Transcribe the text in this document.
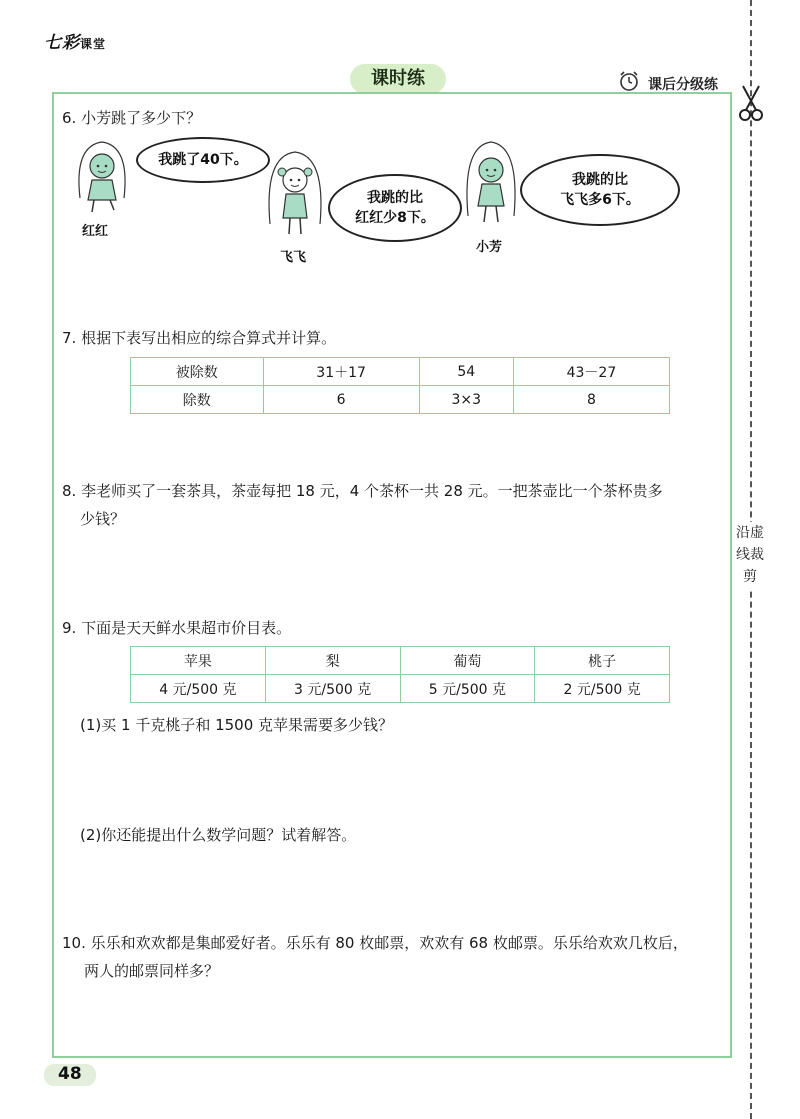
七彩课堂
课时练	课后分级练
沿虚线裁剪
6. 小芳跳了多少下？
我跳了40下。
红红
我跳的比
红红少8下。
飞飞
我跳的比
飞飞多6下。
小芳
7. 根据下表写出相应的综合算式并计算。
被除数	31＋17	54	43－27
除数	6	3×3	8
8. 李老师买了一套茶具，茶壶每把 18 元，4 个茶杯一共 28 元。一把茶壶比一个茶杯贵多
少钱？
9. 下面是天天鲜水果超市价目表。
苹果	梨	葡萄	桃子
4 元/500 克	3 元/500 克	5 元/500 克	2 元/500 克
(1)买 1 千克桃子和 1500 克苹果需要多少钱？
(2)你还能提出什么数学问题？试着解答。
10. 乐乐和欢欢都是集邮爱好者。乐乐有 80 枚邮票，欢欢有 68 枚邮票。乐乐给欢欢几枚后，
两人的邮票同样多？
48
